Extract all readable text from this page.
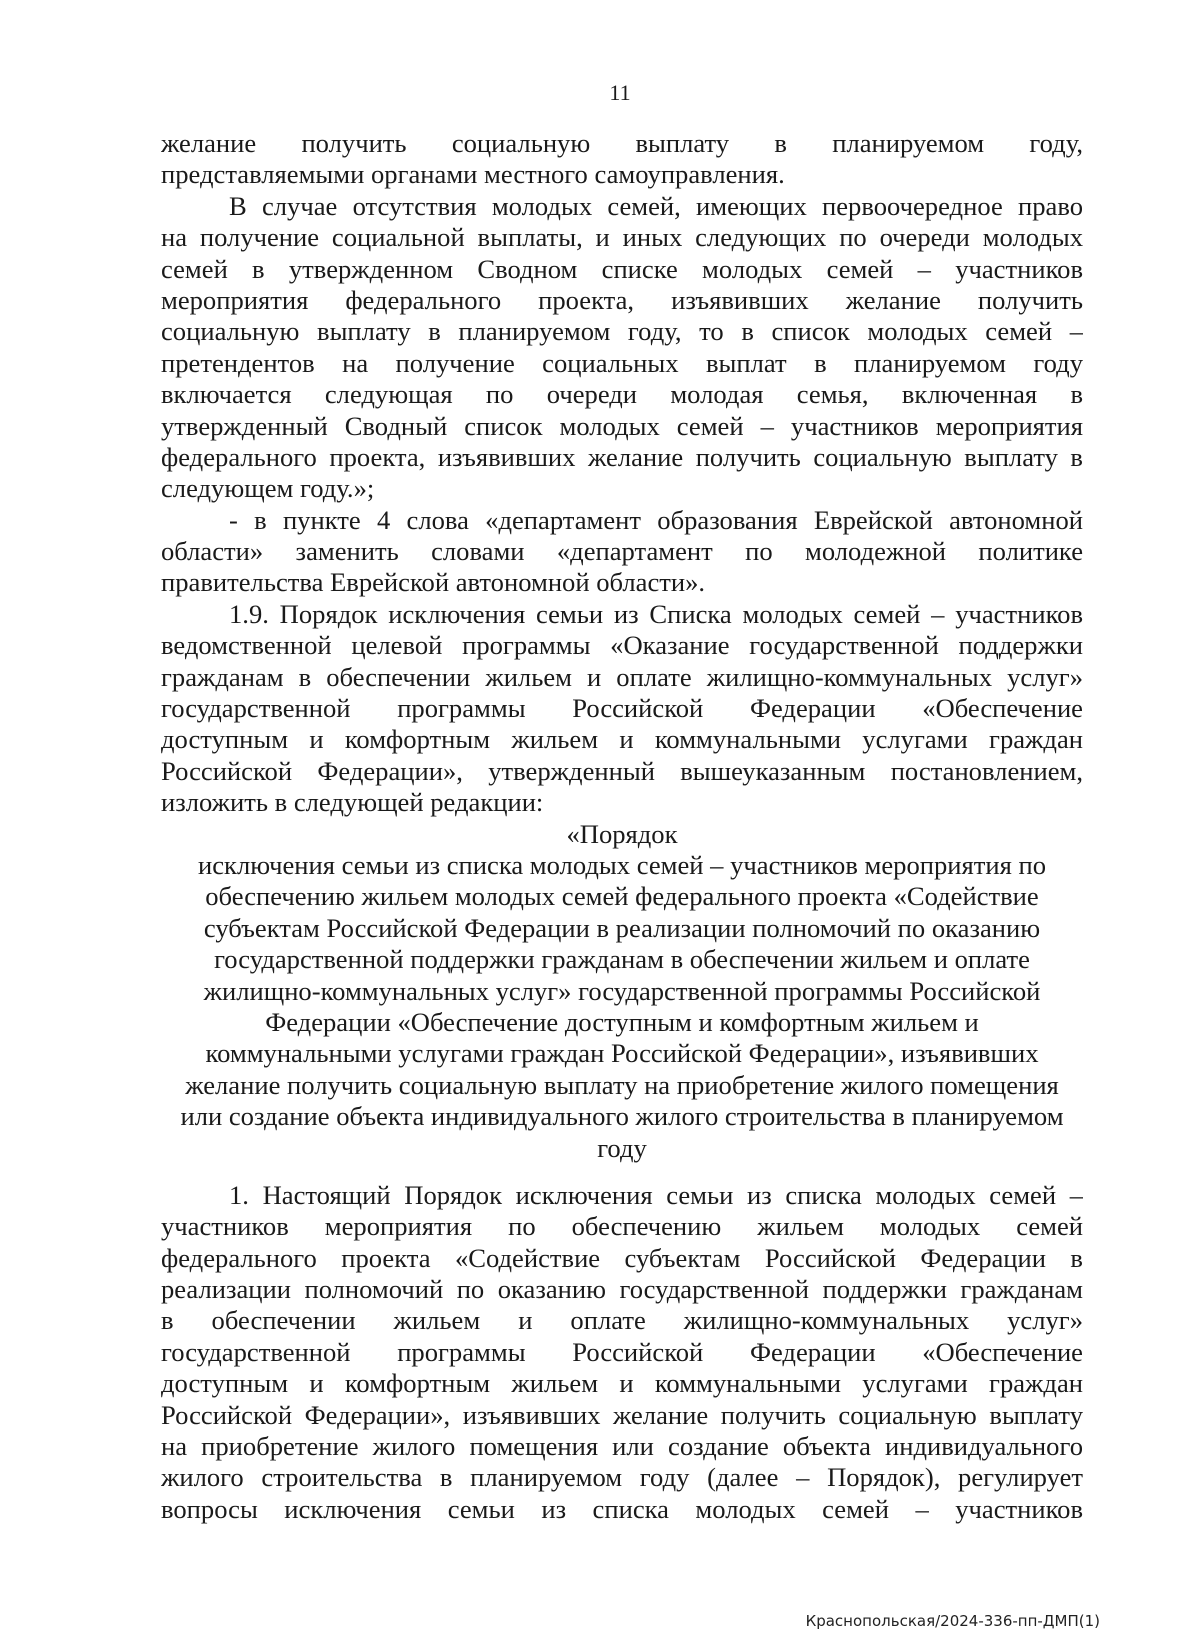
11
желание получить социальную выплату в планируемом году,
представляемыми органами местного самоуправления.
В случае отсутствия молодых семей, имеющих первоочередное право
на получение социальной выплаты, и иных следующих по очереди молодых
семей в утвержденном Сводном списке молодых семей – участников
мероприятия федерального проекта, изъявивших желание получить
социальную выплату в планируемом году, то в список молодых семей –
претендентов на получение социальных выплат в планируемом году
включается следующая по очереди молодая семья, включенная в
утвержденный Сводный список молодых семей – участников мероприятия
федерального проекта, изъявивших желание получить социальную выплату в
следующем году.»;
- в пункте 4 слова «департамент образования Еврейской автономной
области» заменить словами «департамент по молодежной политике
правительства Еврейской автономной области».
1.9. Порядок исключения семьи из Списка молодых семей – участников
ведомственной целевой программы «Оказание государственной поддержки
гражданам в обеспечении жильем и оплате жилищно-коммунальных услуг»
государственной программы Российской Федерации «Обеспечение
доступным и комфортным жильем и коммунальными услугами граждан
Российской Федерации», утвержденный вышеуказанным постановлением,
изложить в следующей редакции:
«Порядок
исключения семьи из списка молодых семей – участников мероприятия по
обеспечению жильем молодых семей федерального проекта «Содействие
субъектам Российской Федерации в реализации полномочий по оказанию
государственной поддержки гражданам в обеспечении жильем и оплате
жилищно-коммунальных услуг» государственной программы Российской
Федерации «Обеспечение доступным и комфортным жильем и
коммунальными услугами граждан Российской Федерации», изъявивших
желание получить социальную выплату на приобретение жилого помещения
или создание объекта индивидуального жилого строительства в планируемом
году
1. Настоящий Порядок исключения семьи из списка молодых семей –
участников мероприятия по обеспечению жильем молодых семей
федерального проекта «Содействие субъектам Российской Федерации в
реализации полномочий по оказанию государственной поддержки гражданам
в обеспечении жильем и оплате жилищно-коммунальных услуг»
государственной программы Российской Федерации «Обеспечение
доступным и комфортным жильем и коммунальными услугами граждан
Российской Федерации», изъявивших желание получить социальную выплату
на приобретение жилого помещения или создание объекта индивидуального
жилого строительства в планируемом году (далее – Порядок), регулирует
вопросы исключения семьи из списка молодых семей – участников
Краснопольская/2024-336-пп-ДМП(1)
